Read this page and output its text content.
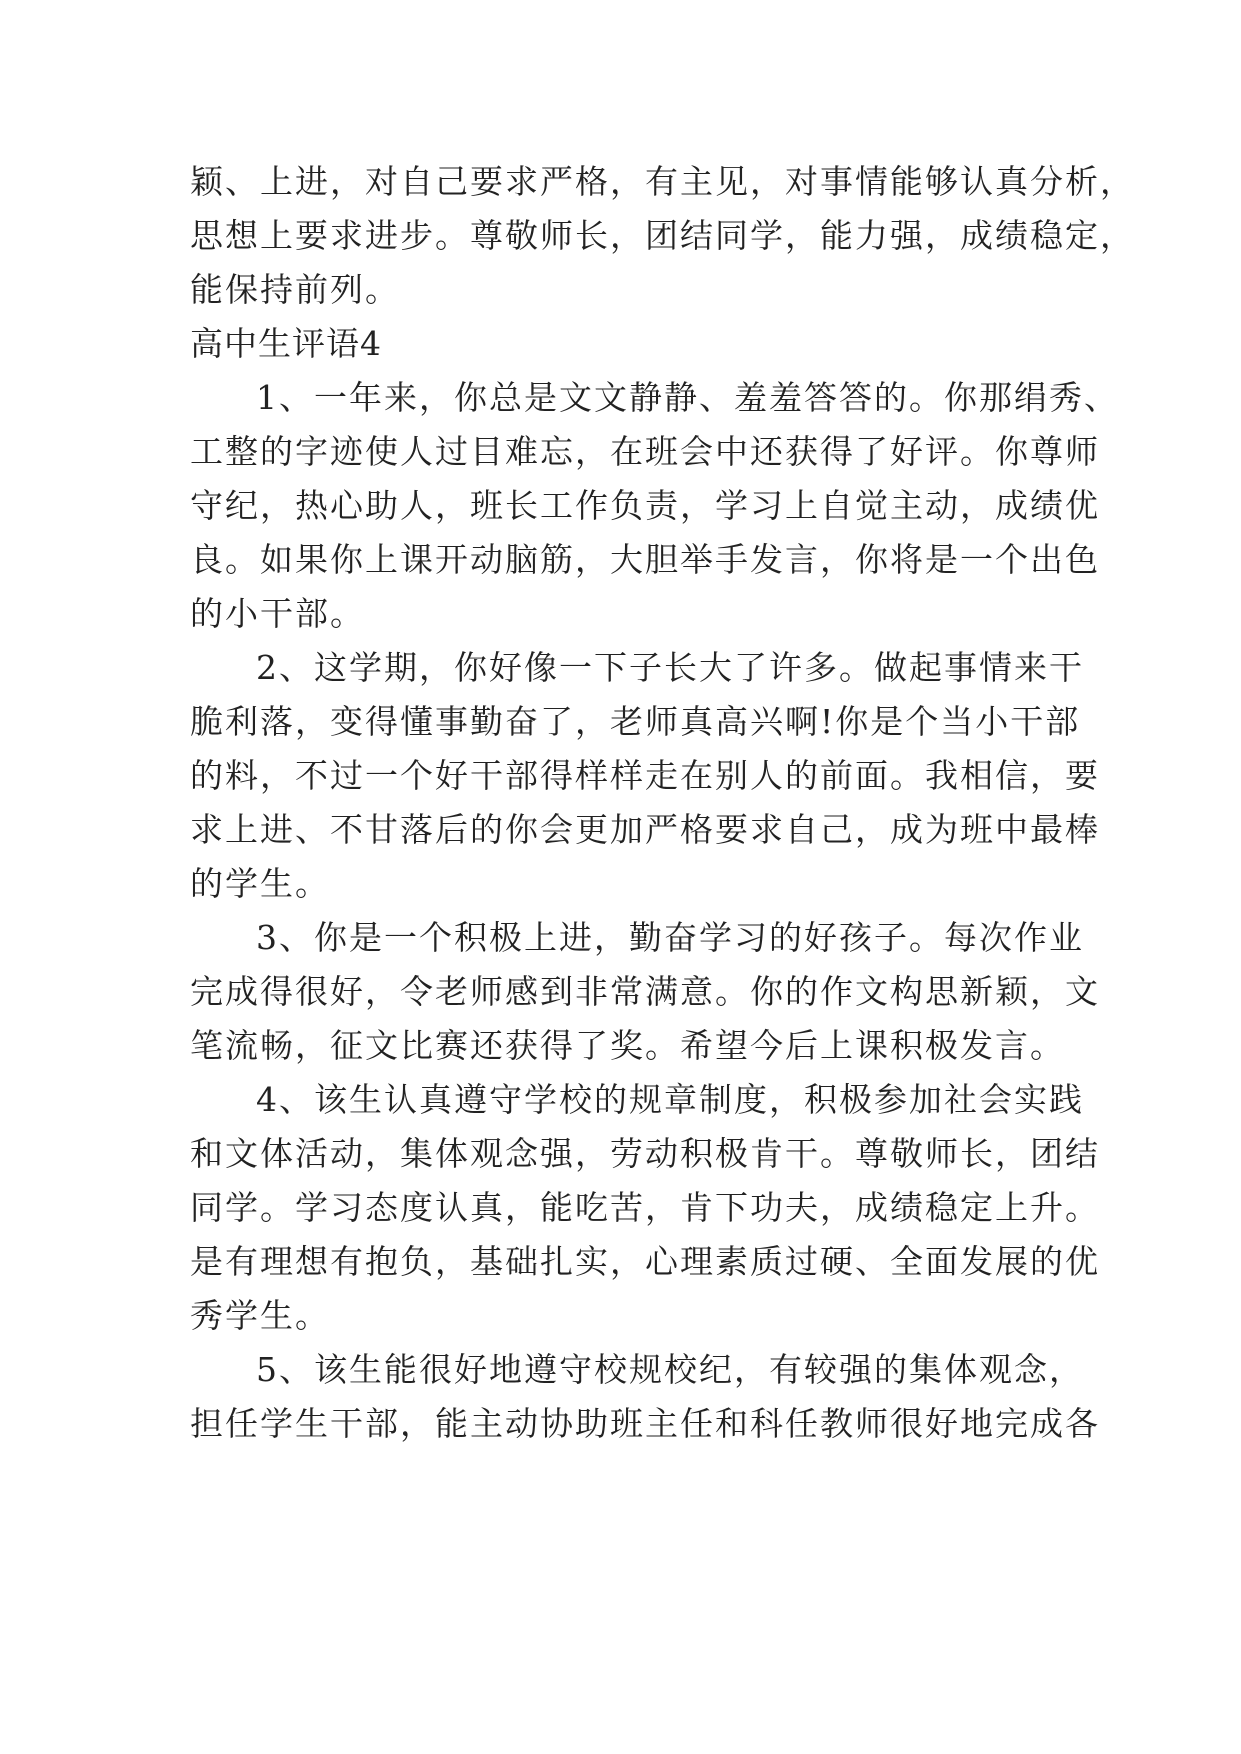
颖、上进，对自己要求严格，有主见，对事情能够认真分析，
思想上要求进步。尊敬师长，团结同学，能力强，成绩稳定，
能保持前列。
高中生评语4
1、一年来，你总是文文静静、羞羞答答的。你那绢秀、
工整的字迹使人过目难忘，在班会中还获得了好评。你尊师
守纪，热心助人，班长工作负责，学习上自觉主动，成绩优
良。如果你上课开动脑筋，大胆举手发言，你将是一个出色
的小干部。
2、这学期，你好像一下子长大了许多。做起事情来干
脆利落，变得懂事勤奋了，老师真高兴啊!你是个当小干部
的料，不过一个好干部得样样走在别人的前面。我相信，要
求上进、不甘落后的你会更加严格要求自己，成为班中最棒
的学生。
3、你是一个积极上进，勤奋学习的好孩子。每次作业
完成得很好，令老师感到非常满意。你的作文构思新颖，文
笔流畅，征文比赛还获得了奖。希望今后上课积极发言。
4、该生认真遵守学校的规章制度，积极参加社会实践
和文体活动，集体观念强，劳动积极肯干。尊敬师长，团结
同学。学习态度认真，能吃苦，肯下功夫，成绩稳定上升。
是有理想有抱负，基础扎实，心理素质过硬、全面发展的优
秀学生。
5、该生能很好地遵守校规校纪，有较强的集体观念，
担任学生干部，能主动协助班主任和科任教师很好地完成各
